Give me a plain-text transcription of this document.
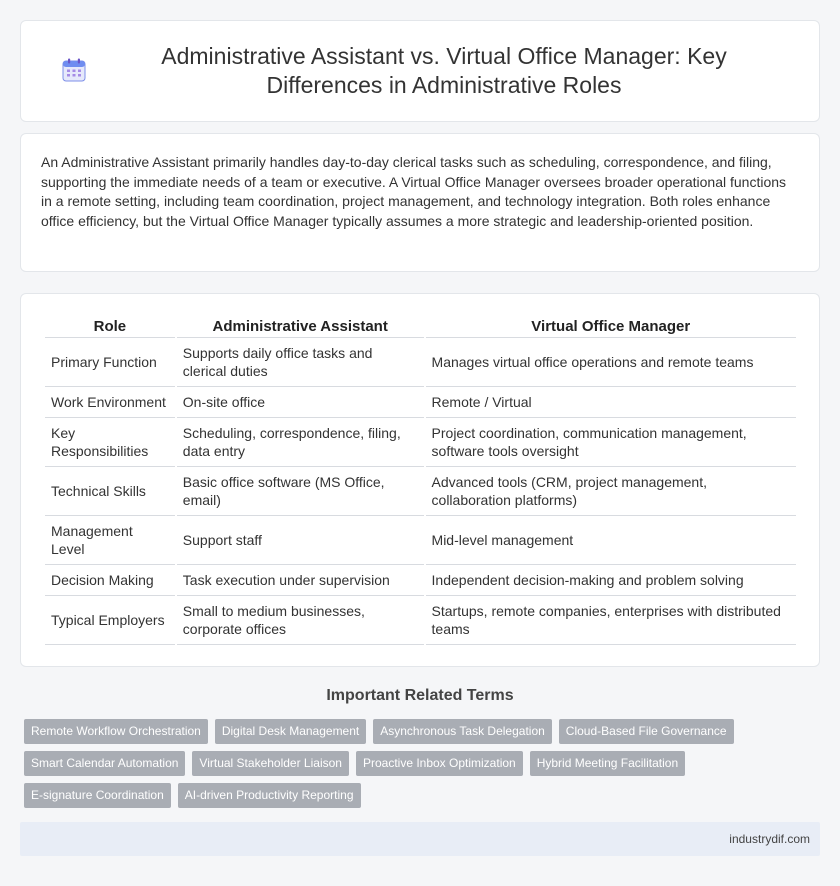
Administrative Assistant vs. Virtual Office Manager: Key Differences in Administrative Roles

An Administrative Assistant primarily handles day-to-day clerical tasks such as scheduling, correspondence, and filing, supporting the immediate needs of a team or executive. A Virtual Office Manager oversees broader operational functions in a remote setting, including team coordination, project management, and technology integration. Both roles enhance office efficiency, but the Virtual Office Manager typically assumes a more strategic and leadership-oriented position.

Role	Administrative Assistant	Virtual Office Manager
Primary Function	Supports daily office tasks and clerical duties	Manages virtual office operations and remote teams
Work Environment	On-site office	Remote / Virtual
Key Responsibilities	Scheduling, correspondence, filing, data entry	Project coordination, communication management, software tools oversight
Technical Skills	Basic office software (MS Office, email)	Advanced tools (CRM, project management, collaboration platforms)
Management Level	Support staff	Mid-level management
Decision Making	Task execution under supervision	Independent decision-making and problem solving
Typical Employers	Small to medium businesses, corporate offices	Startups, remote companies, enterprises with distributed teams
Important Related Terms
Remote Workflow Orchestration	Digital Desk Management	Asynchronous Task Delegation	Cloud-Based File Governance
Smart Calendar Automation	Virtual Stakeholder Liaison	Proactive Inbox Optimization	Hybrid Meeting Facilitation
E-signature Coordination	AI-driven Productivity Reporting
industrydif.com
